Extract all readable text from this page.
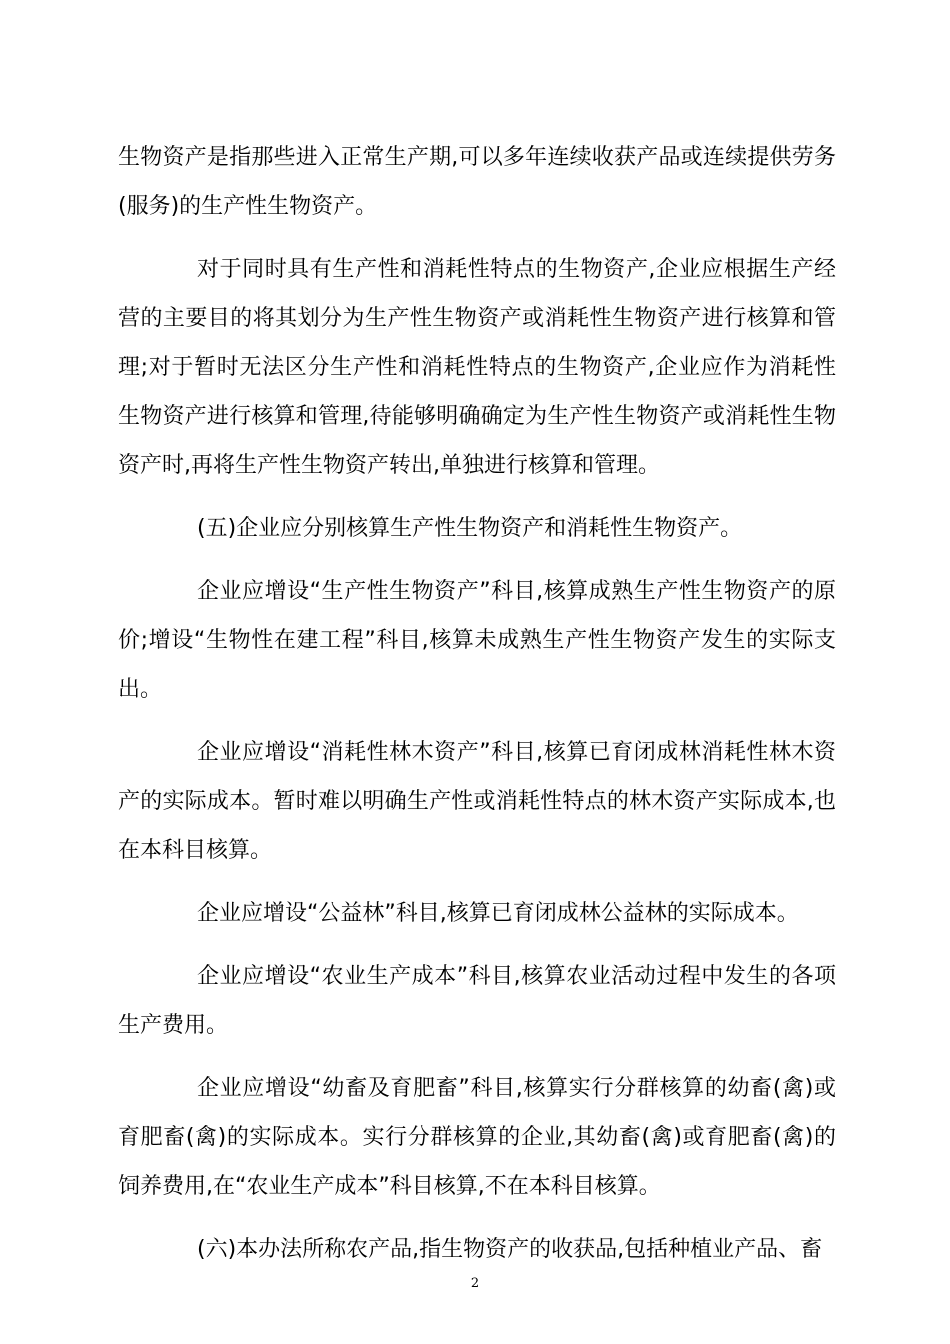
生物资产是指那些进入正常生产期,可以多年连续收获产品或连续提供劳务(服务)的生产性生物资产。

对于同时具有生产性和消耗性特点的生物资产,企业应根据生产经营的主要目的将其划分为生产性生物资产或消耗性生物资产进行核算和管理;对于暂时无法区分生产性和消耗性特点的生物资产,企业应作为消耗性生物资产进行核算和管理,待能够明确确定为生产性生物资产或消耗性生物资产时,再将生产性生物资产转出,单独进行核算和管理。

(五)企业应分别核算生产性生物资产和消耗性生物资产。

企业应增设“生产性生物资产”科目,核算成熟生产性生物资产的原价;增设“生物性在建工程”科目,核算未成熟生产性生物资产发生的实际支出。

企业应增设“消耗性林木资产”科目,核算已育闭成林消耗性林木资产的实际成本。暂时难以明确生产性或消耗性特点的林木资产实际成本,也在本科目核算。

企业应增设“公益林”科目,核算已育闭成林公益林的实际成本。

企业应增设“农业生产成本”科目,核算农业活动过程中发生的各项生产费用。

企业应增设“幼畜及育肥畜”科目,核算实行分群核算的幼畜(禽)或育肥畜(禽)的实际成本。实行分群核算的企业,其幼畜(禽)或育肥畜(禽)的饲养费用,在“农业生产成本”科目核算,不在本科目核算。

(六)本办法所称农产品,指生物资产的收获品,包括种植业产品、畜

2
